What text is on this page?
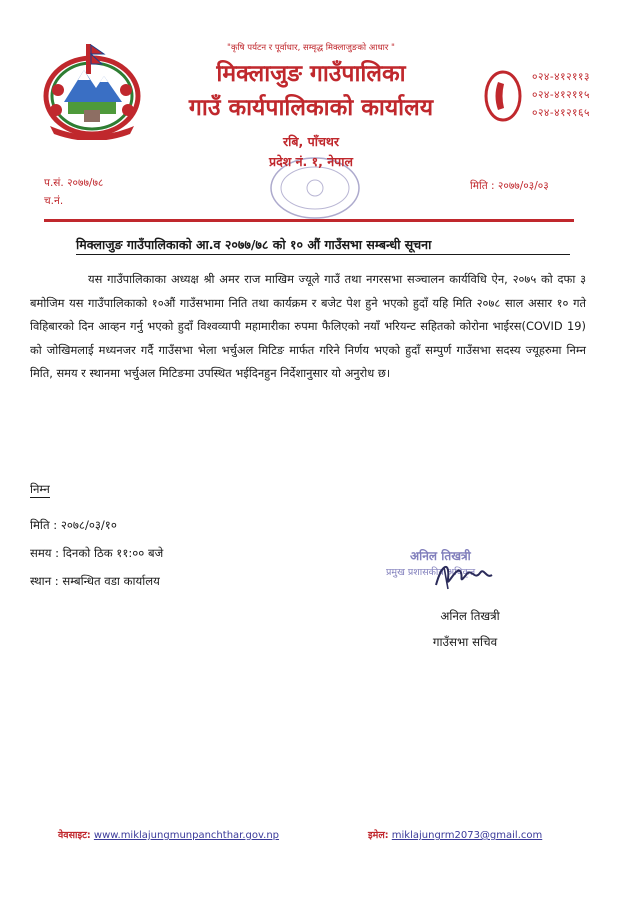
"कृषि पर्यटन र पूर्वाधार, सम्वृद्ध मिक्लाजुङको आधार "
मिक्लाजुङ गाउँपालिका
गाउँ कार्यपालिकाको कार्यालय
रबि, पाँचथर
प्रदेश नं. १, नेपाल
०२४-४१२११३
०२४-४१२११५
०२४-४१२१६५
प.सं. २०७७/७८
च.नं.
मिति : २०७७/०३/०३
मिक्लाजुङ गाउँपालिकाको आ.व २०७७/७८ को १० औं गाउँसभा सम्बन्धी सूचना
यस गाउँपालिकाका अध्यक्ष श्री अमर राज माखिम ज्यूले गाउँ तथा नगरसभा सञ्चालन कार्यविधि ऐन, २०७५ को दफा ३ बमोजिम यस गाउँपालिकाको १०औं गाउँसभामा निति तथा कार्यक्रम र बजेट पेश हुने भएको हुदाँ यहि मिति २०७८ साल असार १० गते विहिबारको दिन आव्हन गर्नु भएको हुदाँ विश्वव्यापी महामारीका रुपमा फैलिएको नयाँ भरियन्ट सहितको कोरोना भाईरस(COVID 19) को जोखिमलाई मध्यनजर गर्दै गाउँसभा भेला भर्चुअल मिटिङ मार्फत गरिने निर्णय भएको हुदाँ सम्पुर्ण गाउँसभा सदस्य ज्यूहरुमा निम्न मिति, समय र स्थानमा भर्चुअल मिटिङमा उपस्थित भईदिनहुन निर्देशानुसार यो अनुरोध छ।
निम्न
मिति : २०७८/०३/१०
समय : दिनको ठिक ११:०० बजे
स्थान : सम्बन्धित वडा कार्यालय
अनिल तिखत्री
प्रमुख प्रशासकीय अधिकृत
अनिल तिखत्री
गाउँसभा सचिव
वेवसाइट: www.miklajungmunpanchthar.gov.np	इमेल: miklajungrm2073@gmail.com
